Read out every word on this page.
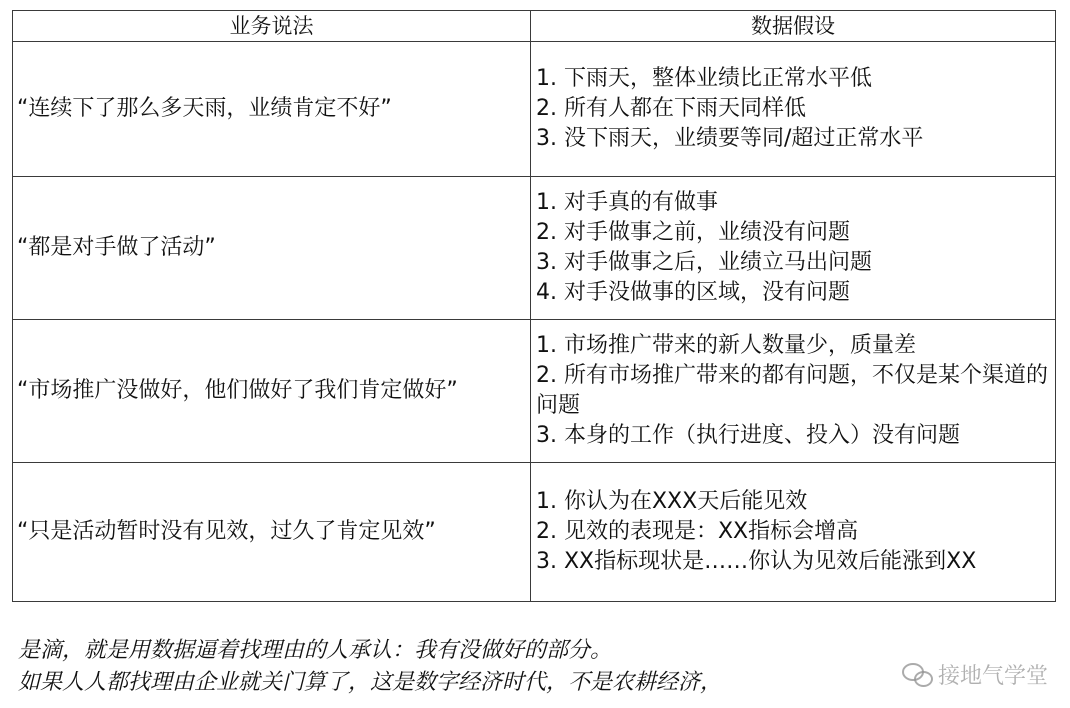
业务说法	数据假设
“连续下了那么多天雨，业绩肯定不好”	1. 下雨天，整体业绩比正常水平低
2. 所有人都在下雨天同样低
3. 没下雨天，业绩要等同/超过正常水平

“都是对手做了活动”	1. 对手真的有做事
2. 对手做事之前，业绩没有问题
3. 对手做事之后，业绩立马出问题
4. 对手没做事的区域，没有问题

“市场推广没做好，他们做好了我们肯定做好”	1. 市场推广带来的新人数量少，质量差
2. 所有市场推广带来的都有问题，不仅是某个渠道的问题
3. 本身的工作（执行进度、投入）没有问题

“只是活动暂时没有见效，过久了肯定见效”	1. 你认为在XXX天后能见效
2. 见效的表现是：XX指标会增高
3. XX指标现状是……你认为见效后能涨到XX
是滴，就是用数据逼着找理由的人承认：我有没做好的部分。
如果人人都找理由企业就关门算了，这是数字经济时代，不是农耕经济，	接地气学堂
